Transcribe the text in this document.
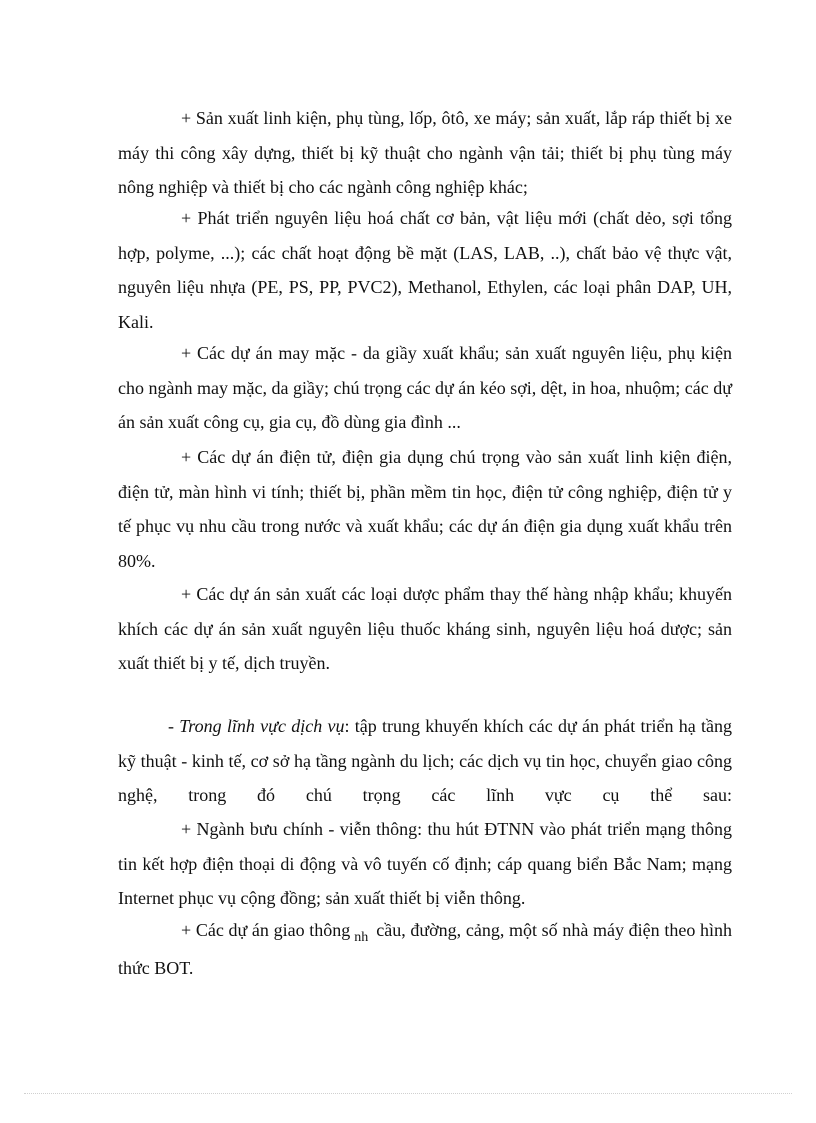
+ Sản xuất linh kiện, phụ tùng, lốp, ôtô, xe máy; sản xuất, lắp ráp thiết bị xe máy thi công xây dựng, thiết bị kỹ thuật cho ngành vận tải; thiết bị phụ tùng máy nông nghiệp và thiết bị cho các ngành công nghiệp khác;

+ Phát triển nguyên liệu hoá chất cơ bản, vật liệu mới (chất dẻo, sợi tổng hợp, polyme, ...); các chất hoạt động bề mặt (LAS, LAB, ..), chất bảo vệ thực vật, nguyên liệu nhựa (PE, PS, PP, PVC2), Methanol, Ethylen, các loại phân DAP, UH, Kali.

+ Các dự án may mặc - da giầy xuất khẩu; sản xuất nguyên liệu, phụ kiện cho ngành may mặc, da giầy; chú trọng các dự án kéo sợi, dệt, in hoa, nhuộm; các dự án sản xuất công cụ, gia cụ, đồ dùng gia đình ...

+ Các dự án điện tử, điện gia dụng chú trọng vào sản xuất linh kiện điện, điện tử, màn hình vi tính; thiết bị, phần mềm tin học, điện tử công nghiệp, điện tử y tế phục vụ nhu cầu trong nước và xuất khẩu; các dự án điện gia dụng xuất khẩu trên 80%.

+ Các dự án sản xuất các loại dược phẩm thay thế hàng nhập khẩu; khuyến khích các dự án sản xuất nguyên liệu thuốc kháng sinh, nguyên liệu hoá dược; sản xuất thiết bị y tế, dịch truyền.

- Trong lĩnh vực dịch vụ: tập trung khuyến khích các dự án phát triển hạ tầng kỹ thuật - kinh tế, cơ sở hạ tầng ngành du lịch; các dịch vụ tin học, chuyển giao công nghệ, trong đó chú trọng các lĩnh vực cụ thể sau:

+ Ngành bưu chính - viễn thông: thu hút ĐTNN vào phát triển mạng thông tin kết hợp điện thoại di động và vô tuyến cố định; cáp quang biển Bắc Nam; mạng Internet phục vụ cộng đồng; sản xuất thiết bị viễn thông.

+ Các dự án giao thông $_{nh}$ cầu, đường, cảng, một số nhà máy điện theo hình thức BOT.
